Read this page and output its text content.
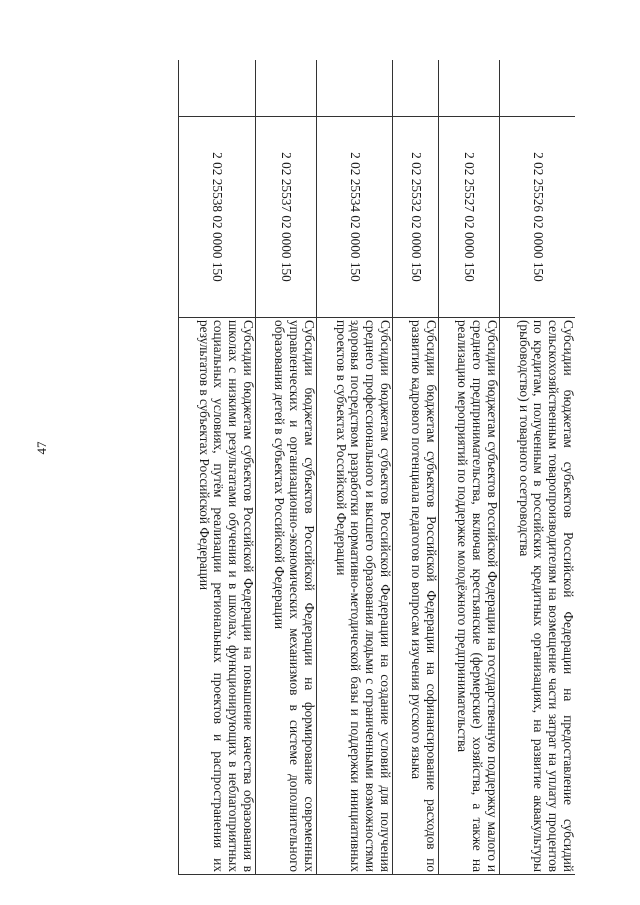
47
	2 02 25526 02 0000 150	Субсидии бюджетам субъектов Российской Федерации на предоставление субсидий сельскохозяйственным товаропроизводителям на возмещение части затрат на уплату процентов по кредитам, полученным в российских кредитных организациях, на развитие аквакультуры (рыбоводство) и товарного осетроводства
	2 02 25527 02 0000 150	Субсидии бюджетам субъектов Российской Федерации на государственную поддержку малого и среднего предпринимательства, включая крестьянские (фермерские) хозяйства, а также на реализацию мероприятий по поддержке молодёжного предпринимательства
	2 02 25532 02 0000 150	Субсидии бюджетам субъектов Российской Федерации на софинансирование расходов по развитию кадрового потенциала педагогов по вопросам изучения русского языка
	2 02 25534 02 0000 150	Субсидии бюджетам субъектов Российской Федерации на создание условий для получения среднего профессионального и высшего образования людьми с ограниченными возможностями здоровья посредством разработки нормативно-методической базы и поддержки инициативных проектов в субъектах Российской Федерации
	2 02 25537 02 0000 150	Субсидии бюджетам субъектов Российской Федерации на формирование современных управленческих и организационно-экономических механизмов в системе дополнительного образования детей в субъектах Российской Федерации
	2 02 25538 02 0000 150	Субсидии бюджетам субъектов Российской Федерации на повышение качества образования в школах с низкими результатами обучения и в школах, функционирующих в неблагоприятных социальных условиях, путём реализации региональных проектов и распространения их результатов в субъектах Российской Федерации
